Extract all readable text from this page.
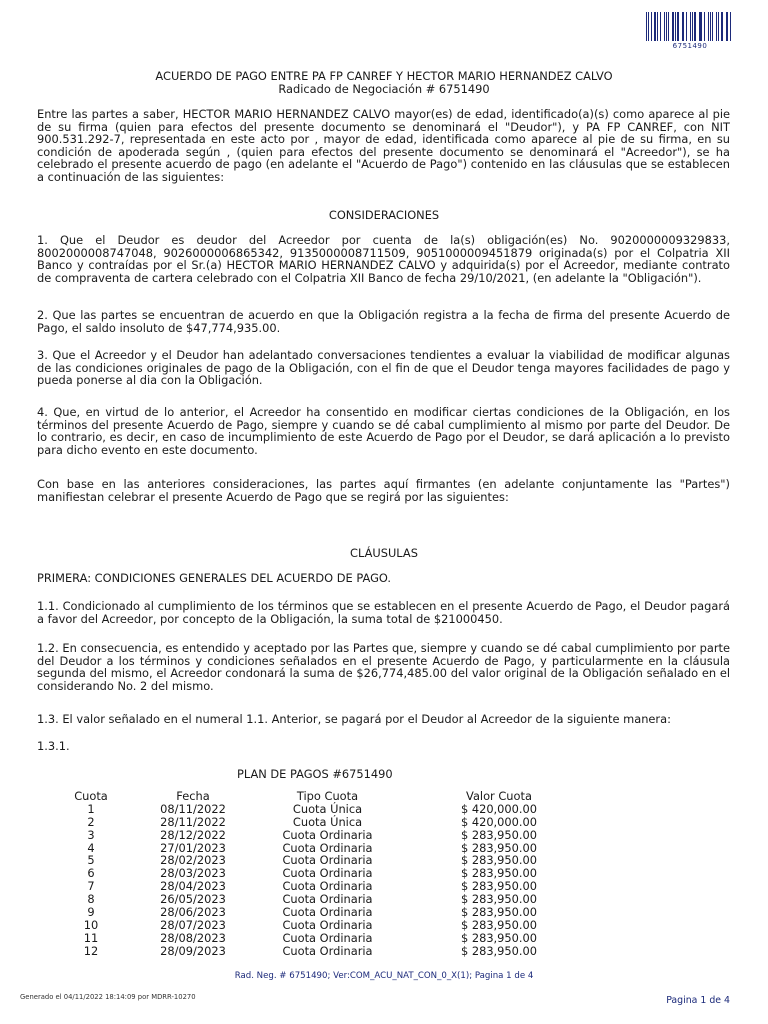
6751490
ACUERDO DE PAGO ENTRE PA FP CANREF Y HECTOR MARIO HERNANDEZ CALVO
Radicado de Negociación # 6751490
Entre las partes a saber, HECTOR MARIO HERNANDEZ CALVO mayor(es) de edad, identificado(a)(s) como aparece al pie de su firma (quien para efectos del presente documento se denominará el "Deudor"), y PA FP CANREF, con NIT 900.531.292-7, representada en este acto por , mayor de edad, identificada como aparece al pie de su firma, en su condición de apoderada según , (quien para efectos del presente documento se denominará el "Acreedor"), se ha celebrado el presente acuerdo de pago (en adelante el "Acuerdo de Pago") contenido en las cláusulas que se establecen a continuación de las siguientes:
CONSIDERACIONES
1. Que el Deudor es deudor del Acreedor por cuenta de la(s) obligación(es) No. 9020000009329833, 8002000008747048, 9026000006865342, 9135000008711509, 9051000009451879 originada(s) por el Colpatria XII Banco y contraídas por el Sr.(a) HECTOR MARIO HERNANDEZ CALVO y adquirida(s) por el Acreedor, mediante contrato de compraventa de cartera celebrado con el Colpatria XII Banco de fecha 29/10/2021, (en adelante la "Obligación").
2. Que las partes se encuentran de acuerdo en que la Obligación registra a la fecha de firma del presente Acuerdo de Pago, el saldo insoluto de $47,774,935.00.
3. Que el Acreedor y el Deudor han adelantado conversaciones tendientes a evaluar la viabilidad de modificar algunas de las condiciones originales de pago de la Obligación, con el fin de que el Deudor tenga mayores facilidades de pago y pueda ponerse al dia con la Obligación.
4. Que, en virtud de lo anterior, el Acreedor ha consentido en modificar ciertas condiciones de la Obligación, en los términos del presente Acuerdo de Pago, siempre y cuando se dé cabal cumplimiento al mismo por parte del Deudor. De lo contrario, es decir, en caso de incumplimiento de este Acuerdo de Pago por el Deudor, se dará aplicación a lo previsto para dicho evento en este documento.
Con base en las anteriores consideraciones, las partes aquí firmantes (en adelante conjuntamente las "Partes") manifiestan celebrar el presente Acuerdo de Pago que se regirá por las siguientes:
CLÁUSULAS
PRIMERA: CONDICIONES GENERALES DEL ACUERDO DE PAGO.
1.1. Condicionado al cumplimiento de los términos que se establecen en el presente Acuerdo de Pago, el Deudor pagará a favor del Acreedor, por concepto de la Obligación, la suma total de $21000450.
1.2. En consecuencia, es entendido y aceptado por las Partes que, siempre y cuando se dé cabal cumplimiento por parte del Deudor a los términos y condiciones señalados en el presente Acuerdo de Pago, y particularmente en la cláusula segunda del mismo, el Acreedor condonará la suma de $26,774,485.00 del valor original de la Obligación señalado en el considerando No. 2 del mismo.
1.3. El valor señalado en el numeral 1.1. Anterior, se pagará por el Deudor al Acreedor de la siguiente manera:
1.3.1.
PLAN DE PAGOS #6751490
Cuota	Fecha	Tipo Cuota	Valor Cuota
1	08/11/2022	Cuota Única	$ 420,000.00
2	28/11/2022	Cuota Única	$ 420,000.00
3	28/12/2022	Cuota Ordinaria	$ 283,950.00
4	27/01/2023	Cuota Ordinaria	$ 283,950.00
5	28/02/2023	Cuota Ordinaria	$ 283,950.00
6	28/03/2023	Cuota Ordinaria	$ 283,950.00
7	28/04/2023	Cuota Ordinaria	$ 283,950.00
8	26/05/2023	Cuota Ordinaria	$ 283,950.00
9	28/06/2023	Cuota Ordinaria	$ 283,950.00
10	28/07/2023	Cuota Ordinaria	$ 283,950.00
11	28/08/2023	Cuota Ordinaria	$ 283,950.00
12	28/09/2023	Cuota Ordinaria	$ 283,950.00
Rad. Neg. # 6751490; Ver:COM_ACU_NAT_CON_0_X(1); Pagina 1 de 4
Generado el 04/11/2022 18:14:09 por MDRR-10270	Pagina 1 de 4
